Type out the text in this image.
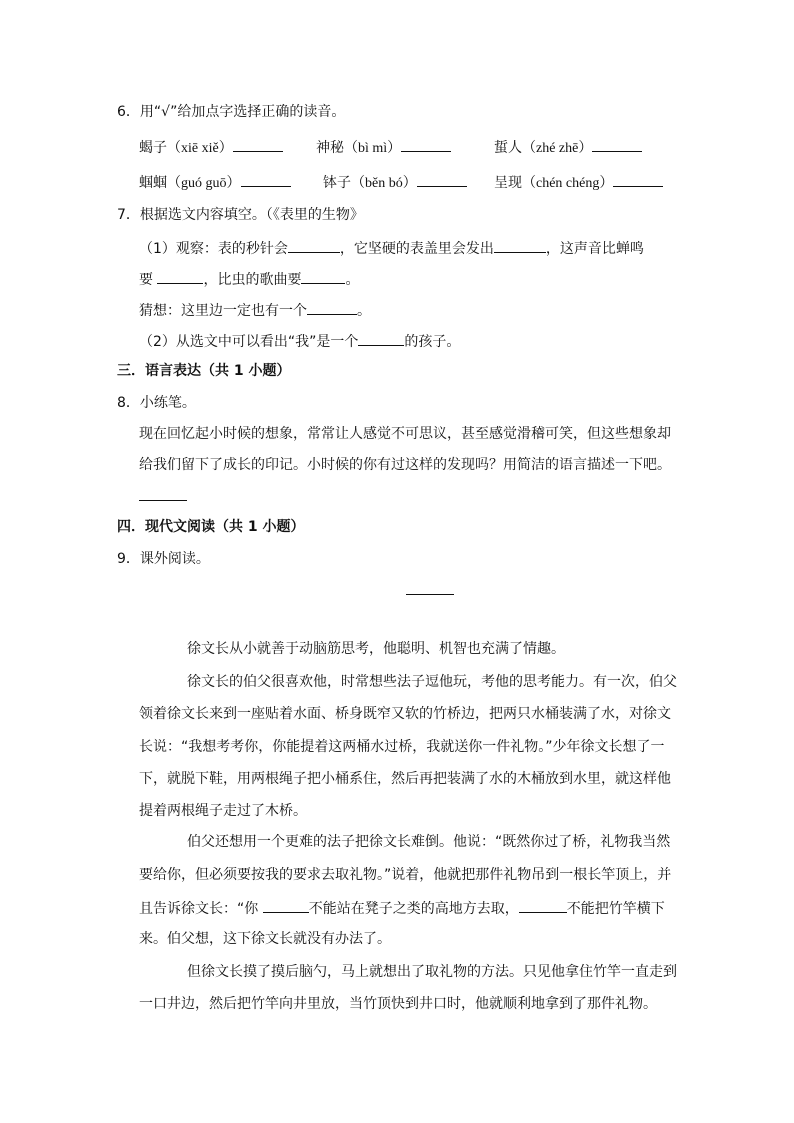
6．用“√”给加点字选择正确的读音。
蝎子（xiē xiě）	神秘（bì mì）	蜇人（zhé zhē）
蝈蝈（guó guō）	钵子（běn bó）	呈现（chén chéng）
7．根据选文内容填空。（《表里的生物》
（1）观察：表的秒针会	，它坚硬的表盖里会发出	，这声音比蝉鸣
要	，比虫的歌曲要	。
猜想：这里边一定也有一个	。
（2）从选文中可以看出“我”是一个	的孩子。
三．语言表达（共 1 小题）
8．小练笔。
现在回忆起小时候的想象，常常让人感觉不可思议，甚至感觉滑稽可笑，但这些想象却
给我们留下了成长的印记。小时候的你有过这样的发现吗？用简洁的语言描述一下吧。
四．现代文阅读（共 1 小题）
9．课外阅读。
徐文长从小就善于动脑筋思考，他聪明、机智也充满了情趣。
徐文长的伯父很喜欢他，时常想些法子逗他玩，考他的思考能力。有一次，伯父
领着徐文长来到一座贴着水面、桥身既窄又软的竹桥边，把两只水桶装满了水，对徐文
长说：“我想考考你，你能提着这两桶水过桥，我就送你一件礼物。”少年徐文长想了一
下，就脱下鞋，用两根绳子把小桶系住，然后再把装满了水的木桶放到水里，就这样他
提着两根绳子走过了木桥。
伯父还想用一个更难的法子把徐文长难倒。他说：“既然你过了桥，礼物我当然
要给你，但必须要按我的要求去取礼物。”说着，他就把那件礼物吊到一根长竿顶上，并
且告诉徐文长：“你	不能站在凳子之类的高地方去取，	不能把竹竿横下
来。伯父想，这下徐文长就没有办法了。
但徐文长摸了摸后脑勺，马上就想出了取礼物的方法。只见他拿住竹竿一直走到
一口井边，然后把竹竿向井里放，当竹顶快到井口时，他就顺利地拿到了那件礼物。
